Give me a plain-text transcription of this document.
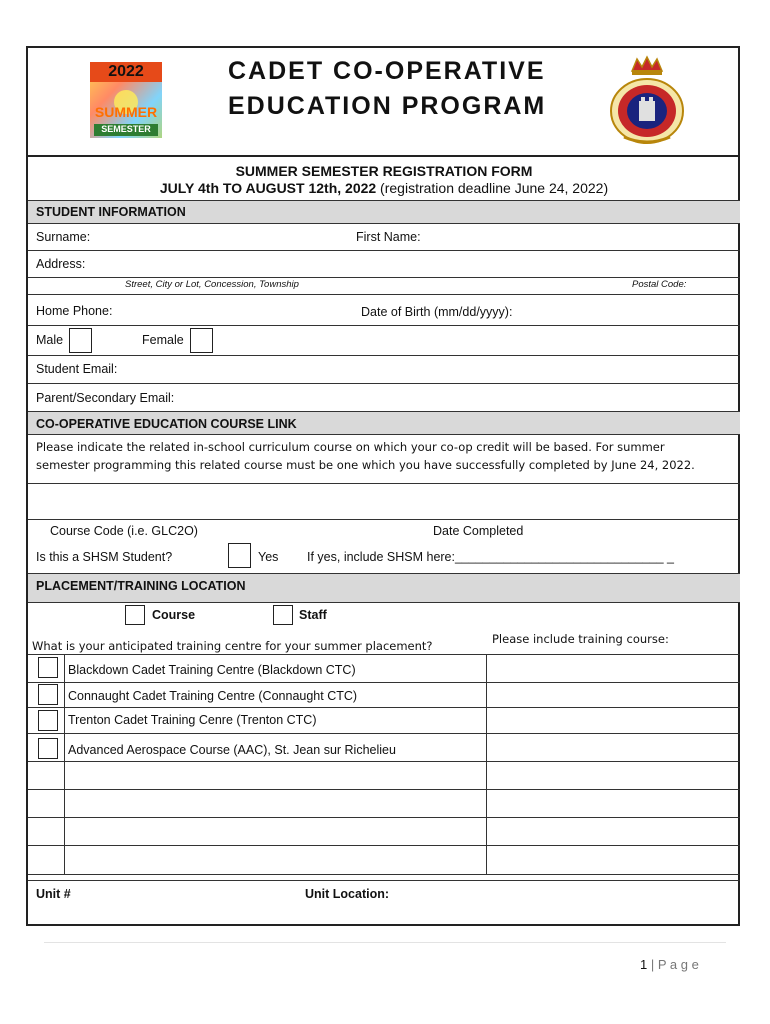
2022
SUMMER
SEMESTER
CADET CO-OPERATIVE
EDUCATION PROGRAM
SUMMER SEMESTER REGISTRATION FORM
JULY 4th TO AUGUST 12th, 2022 (registration deadline June 24, 2022)
STUDENT INFORMATION
Surname:	First Name:
Address:
Street, City or Lot, Concession, Township	Postal Code:
Home Phone:	Date of Birth (mm/dd/yyyy):
Male	Female
Student Email:
Parent/Secondary Email:
CO-OPERATIVE EDUCATION COURSE LINK
Please indicate the related in-school curriculum course on which your co-op credit will be based. For summer
semester programming this related course must be one which you have successfully completed by June 24, 2022.
Course Code (i.e. GLC2O)	Date Completed
Is this a SHSM Student?	Yes If yes, include SHSM here:______________________________ _
PLACEMENT/TRAINING LOCATION
Course	Staff
What is your anticipated training centre for your summer placement?	Please include training course:
Blackdown Cadet Training Centre (Blackdown CTC)
Connaught Cadet Training Centre (Connaught CTC)
Trenton Cadet Training Cenre (Trenton CTC)
Advanced Aerospace Course (AAC), St. Jean sur Richelieu
Unit #	Unit Location:
1 | P a g e
